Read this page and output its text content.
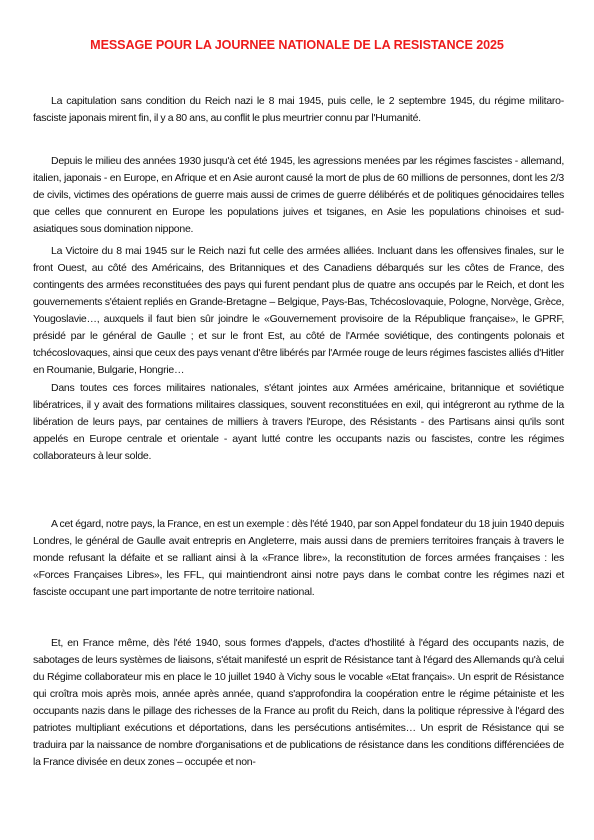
MESSAGE POUR LA JOURNEE NATIONALE DE LA RESISTANCE 2025

La capitulation sans condition du Reich nazi le 8 mai 1945, puis celle, le 2 septembre 1945, du régime militaro-fasciste japonais mirent fin, il y a 80 ans, au conflit le plus meurtrier connu par l'Humanité.

Depuis le milieu des années 1930 jusqu'à cet été 1945, les agressions menées par les régimes fascistes - allemand, italien, japonais - en Europe, en Afrique et en Asie auront causé la mort de plus de 60 millions de personnes, dont les 2/3 de civils, victimes des opérations de guerre mais aussi de crimes de guerre délibérés et de politiques génocidaires telles que celles que connurent en Europe les populations juives et tsiganes, en Asie les populations chinoises et sud-asiatiques sous domination nippone.

La Victoire du 8 mai 1945 sur le Reich nazi fut celle des armées alliées. Incluant dans les offensives finales, sur le front Ouest, au côté des Américains, des Britanniques et des Canadiens débarqués sur les côtes de France, des contingents des armées reconstituées des pays qui furent pendant plus de quatre ans occupés par le Reich, et dont les gouvernements s'étaient repliés en Grande-Bretagne – Belgique, Pays-Bas, Tchécoslovaquie, Pologne, Norvège, Grèce, Yougoslavie…, auxquels il faut bien sûr joindre le «Gouvernement provisoire de la République française», le GPRF, présidé par le général de Gaulle ; et sur le front Est, au côté de l'Armée soviétique, des contingents polonais et tchécoslovaques, ainsi que ceux des pays venant d'être libérés par l'Armée rouge de leurs régimes fascistes alliés d'Hitler en Roumanie, Bulgarie, Hongrie…

Dans toutes ces forces militaires nationales, s'étant jointes aux Armées américaine, britannique et soviétique libératrices, il y avait des formations militaires classiques, souvent reconstituées en exil, qui intégreront au rythme de la libération de leurs pays, par centaines de milliers à travers l'Europe, des Résistants - des Partisans ainsi qu'ils sont appelés en Europe centrale et orientale - ayant lutté contre les occupants nazis ou fascistes, contre les régimes collaborateurs à leur solde.

A cet égard, notre pays, la France, en est un exemple : dès l'été 1940, par son Appel fondateur du 18 juin 1940 depuis Londres, le général de Gaulle avait entrepris en Angleterre, mais aussi dans de premiers territoires français à travers le monde refusant la défaite et se ralliant ainsi à la «France libre», la reconstitution de forces armées françaises : les «Forces Françaises Libres», les FFL, qui maintiendront ainsi notre pays dans le combat contre les régimes nazi et fasciste occupant une part importante de notre territoire national.

Et, en France même, dès l'été 1940, sous formes d'appels, d'actes d'hostilité à l'égard des occupants nazis, de sabotages de leurs systèmes de liaisons, s'était manifesté un esprit de Résistance tant à l'égard des Allemands qu'à celui du Régime collaborateur mis en place le 10 juillet 1940 à Vichy sous le vocable «Etat français». Un esprit de Résistance qui croîtra mois après mois, année après année, quand s'approfondira la coopération entre le régime pétainiste et les occupants nazis dans le pillage des richesses de la France au profit du Reich, dans la politique répressive à l'égard des patriotes multipliant exécutions et déportations, dans les persécutions antisémites… Un esprit de Résistance qui se traduira par la naissance de nombre d'organisations et de publications de résistance dans les conditions différenciées de la France divisée en deux zones – occupée et non-
